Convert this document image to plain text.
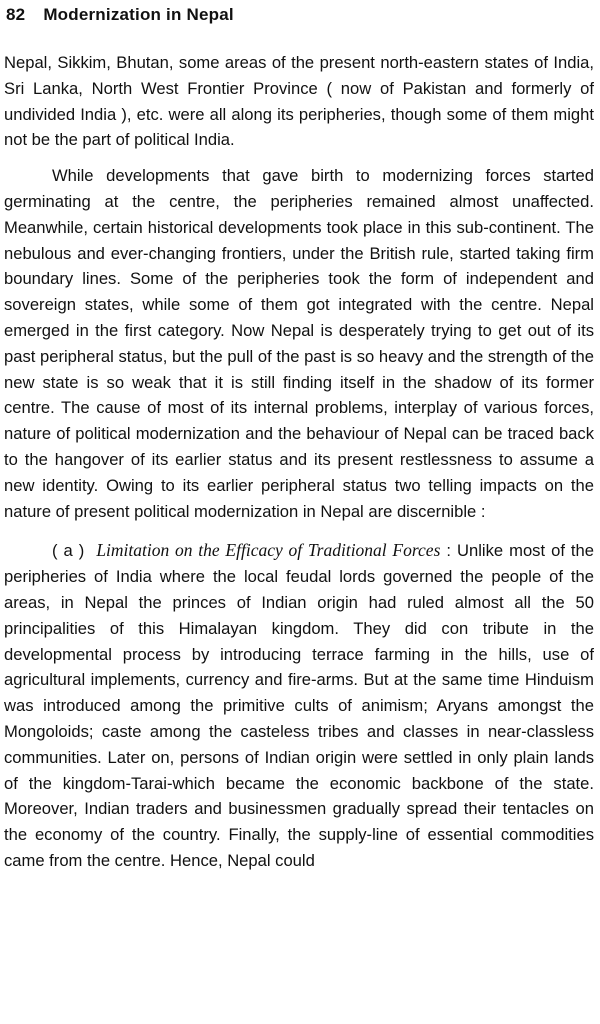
82 Modernization in Nepal

Nepal, Sikkim, Bhutan, some areas of the present north-eastern states of India, Sri Lanka, North West Frontier Province ( now of Pakistan and formerly of undivided India ), etc. were all along its peripheries, though some of them might not be the part of political India.

While developments that gave birth to modernizing forces started germinating at the centre, the peripheries remained almost unaffected. Meanwhile, certain historical developments took place in this sub-continent. The nebulous and ever-changing frontiers, under the British rule, started taking firm boundary lines. Some of the peripheries took the form of independent and sovereign states, while some of them got integrated with the centre. Nepal emerged in the first category. Now Nepal is desperately trying to get out of its past peripheral status, but the pull of the past is so heavy and the strength of the new state is so weak that it is still finding itself in the shadow of its former centre. The cause of most of its internal problems, interplay of various forces, nature of political modernization and the behaviour of Nepal can be traced back to the hangover of its earlier status and its present restlessness to assume a new identity. Owing to its earlier peripheral status two telling impacts on the nature of present political modernization in Nepal are discernible :

( a ) Limitation on the Efficacy of Traditional Forces : Unlike most of the peripheries of India where the local feudal lords governed the people of the areas, in Nepal the princes of Indian origin had ruled almost all the 50 principalities of this Himalayan kingdom. They did con tribute in the developmental process by introducing terrace farming in the hills, use of agricultural implements, currency and fire-arms. But at the same time Hinduism was introduced among the primitive cults of animism; Aryans amongst the Mongoloids; caste among the casteless tribes and classes in near-classless communities. Later on, persons of Indian origin were settled in only plain lands of the kingdom-Tarai-which became the economic backbone of the state. Moreover, Indian traders and businessmen gradually spread their tentacles on the economy of the country. Finally, the supply-line of essential commodities came from the centre. Hence, Nepal could
